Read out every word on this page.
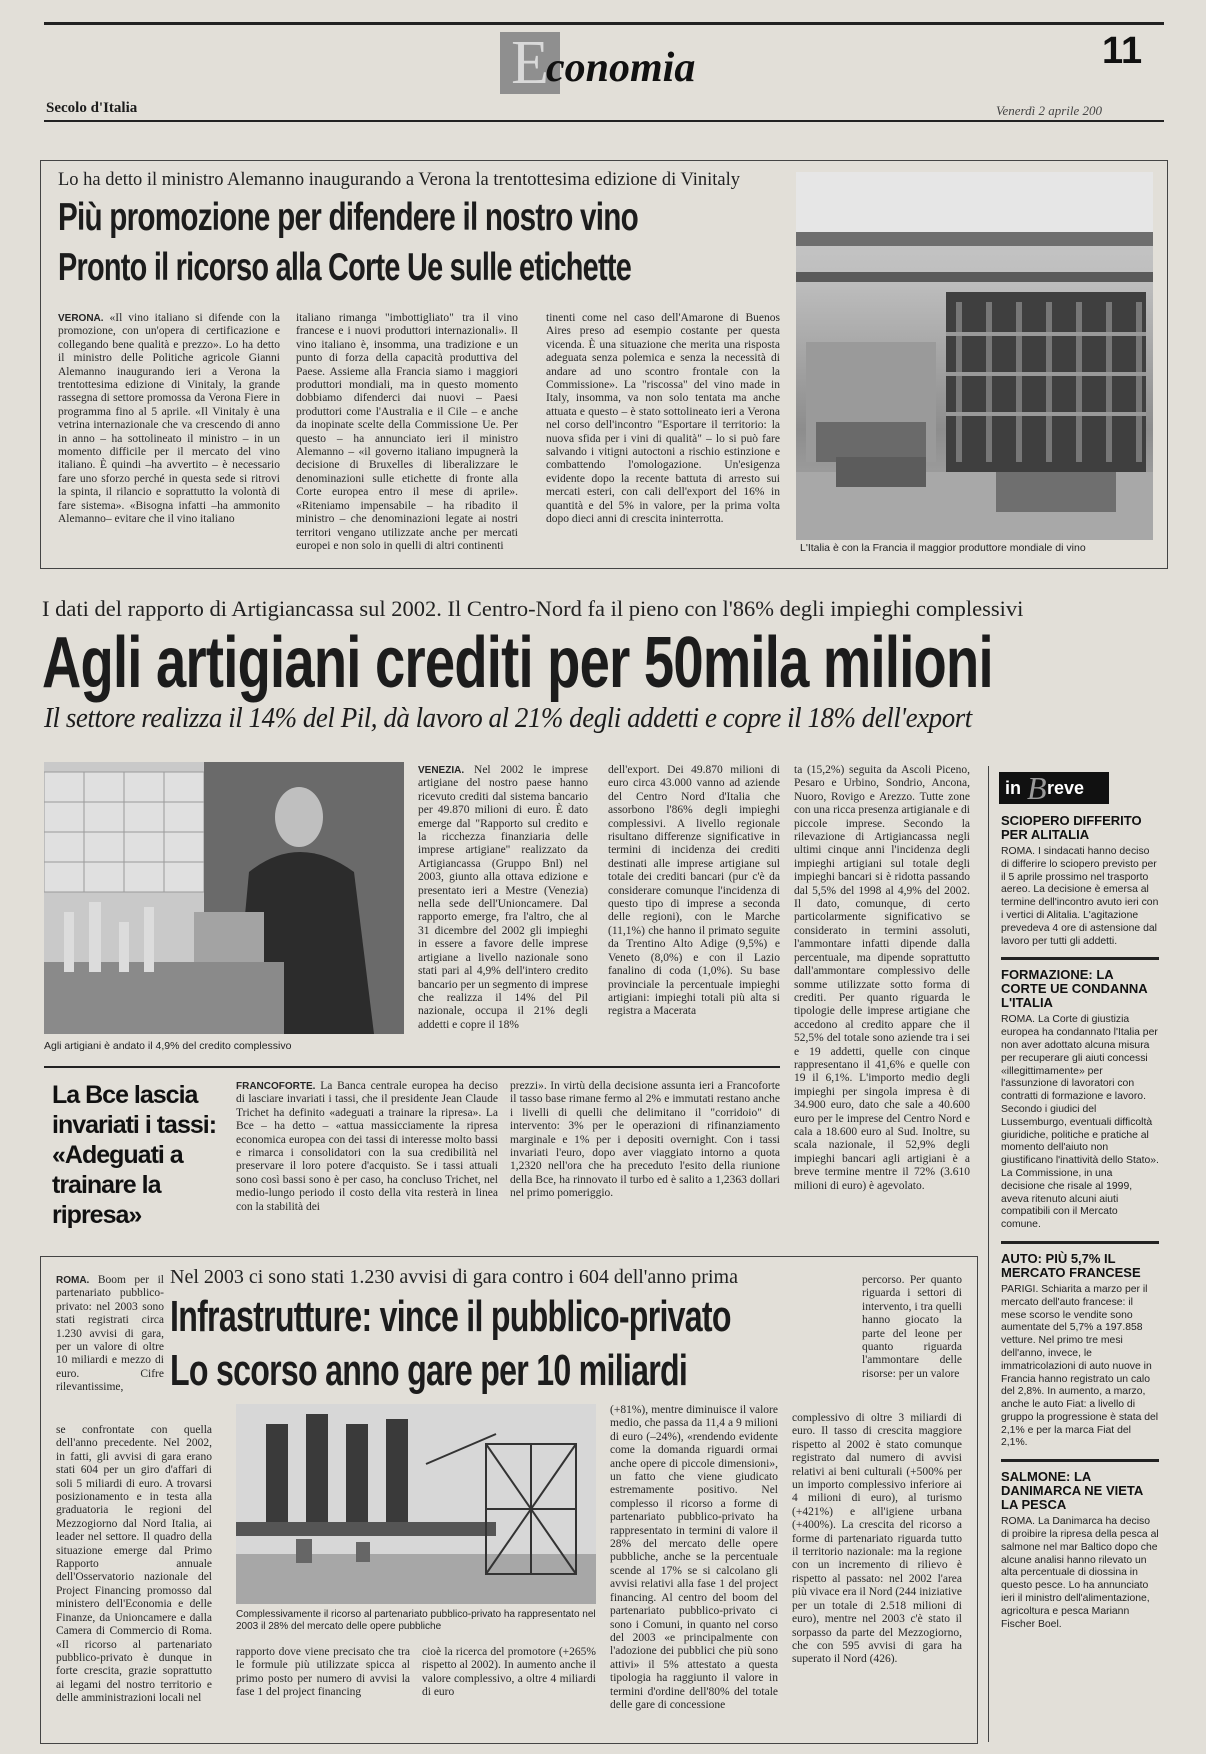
E
conomia	11
Secolo d'Italia	Venerdì 2 aprile 200
Lo ha detto il ministro Alemanno inaugurando a Verona la trentottesima edizione di Vinitaly
Più promozione per difendere il nostro vino
Pronto il ricorso alla Corte Ue sulle etichette

VERONA. «Il vino italiano si difende con la promozione, con un'opera di certificazione e collegando bene qualità e prezzo». Lo ha detto il ministro delle Politiche agricole Gianni Alemanno inaugurando ieri a Verona la trentottesima edizione di Vinitaly, la grande rassegna di settore promossa da Verona Fiere in programma fino al 5 aprile. «Il Vinitaly è una vetrina internazionale che va crescendo di anno in anno – ha sottolineato il ministro – in un momento difficile per il mercato del vino italiano. È quindi –ha avvertito – è necessario fare uno sforzo perché in questa sede si ritrovi la spinta, il rilancio e soprattutto la volontà di fare sistema». «Bisogna infatti –ha ammonito Alemanno– evitare che il vino italiano

italiano rimanga "imbottigliato" tra il vino francese e i nuovi produttori internazionali». Il vino italiano è, insomma, una tradizione e un punto di forza della capacità produttiva del Paese. Assieme alla Francia siamo i maggiori produttori mondiali, ma in questo momento dobbiamo difenderci dai nuovi – Paesi produttori come l'Australia e il Cile – e anche da inopinate scelte della Commissione Ue. Per questo – ha annunciato ieri il ministro Alemanno – «il governo italiano impugnerà la decisione di Bruxelles di liberalizzare le denominazioni sulle etichette di fronte alla Corte europea entro il mese di aprile». «Riteniamo impensabile – ha ribadito il ministro – che denominazioni legate ai nostri territori vengano utilizzate anche per mercati europei e non solo in quelli di altri continenti

tinenti come nel caso dell'Amarone di Buenos Aires preso ad esempio costante per questa vicenda. È una situazione che merita una risposta adeguata senza polemica e senza la necessità di andare ad uno scontro frontale con la Commissione». La "riscossa" del vino made in Italy, insomma, va non solo tentata ma anche attuata e questo – è stato sottolineato ieri a Verona nel corso dell'incontro "Esportare il territorio: la nuova sfida per i vini di qualità" – lo si può fare salvando i vitigni autoctoni a rischio estinzione e combattendo l'omologazione. Un'esigenza evidente dopo la recente battuta di arresto sui mercati esteri, con cali dell'export del 16% in quantità e del 5% in valore, per la prima volta dopo dieci anni di crescita ininterrotta.

L'Italia è con la Francia il maggior produttore mondiale di vino
I dati del rapporto di Artigiancassa sul 2002. Il Centro-Nord fa il pieno con l'86% degli impieghi complessivi
Agli artigiani crediti per 50mila milioni
Il settore realizza il 14% del Pil, dà lavoro al 21% degli addetti e copre il 18% dell'export
Agli artigiani è andato il 4,9% del credito complessivo

VENEZIA. Nel 2002 le imprese artigiane del nostro paese hanno ricevuto crediti dal sistema bancario per 49.870 milioni di euro. È dato emerge dal "Rapporto sul credito e la ricchezza finanziaria delle imprese artigiane" realizzato da Artigiancassa (Gruppo Bnl) nel 2003, giunto alla ottava edizione e presentato ieri a Mestre (Venezia) nella sede dell'Unioncamere. Dal rapporto emerge, fra l'altro, che al 31 dicembre del 2002 gli impieghi in essere a favore delle imprese artigiane a livello nazionale sono stati pari al 4,9% dell'intero credito bancario per un segmento di imprese che realizza il 14% del Pil nazionale, occupa il 21% degli addetti e copre il 18%

dell'export. Dei 49.870 milioni di euro circa 43.000 vanno ad aziende del Centro Nord d'Italia che assorbono l'86% degli impieghi complessivi. A livello regionale risultano differenze significative in termini di incidenza dei crediti destinati alle imprese artigiane sul totale dei crediti bancari (pur c'è da considerare comunque l'incidenza di questo tipo di imprese a seconda delle regioni), con le Marche (11,1%) che hanno il primato seguite da Trentino Alto Adige (9,5%) e Veneto (8,0%) e con il Lazio fanalino di coda (1,0%). Su base provinciale la percentuale impieghi artigiani: impieghi totali più alta si registra a Macerata

ta (15,2%) seguita da Ascoli Piceno, Pesaro e Urbino, Sondrio, Ancona, Nuoro, Rovigo e Arezzo. Tutte zone con una ricca presenza artigianale e di piccole imprese. Secondo la rilevazione di Artigiancassa negli ultimi cinque anni l'incidenza degli impieghi artigiani sul totale degli impieghi bancari si è ridotta passando dal 5,5% del 1998 al 4,9% del 2002. Il dato, comunque, di certo particolarmente significativo se considerato in termini assoluti, l'ammontare infatti dipende dalla percentuale, ma dipende soprattutto dall'ammontare complessivo delle somme utilizzate sotto forma di crediti. Per quanto riguarda le tipologie delle imprese artigiane che accedono al credito appare che il 52,5% del totale sono aziende tra i sei e 19 addetti, quelle con cinque rappresentano il 41,6% e quelle con 19 il 6,1%. L'importo medio degli impieghi per singola impresa è di 34.900 euro, dato che sale a 40.600 euro per le imprese del Centro Nord e cala a 18.600 euro al Sud. Inoltre, su scala nazionale, il 52,9% degli impieghi bancari agli artigiani è a breve termine mentre il 72% (3.610 milioni di euro) è agevolato.

La Bce lascia invariati i tassi: «Adeguati a trainare la ripresa»

FRANCOFORTE. La Banca centrale europea ha deciso di lasciare invariati i tassi, che il presidente Jean Claude Trichet ha definito «adeguati a trainare la ripresa». La Bce – ha detto – «attua massicciamente la ripresa economica europea con dei tassi di interesse molto bassi e rimarca i consolidatori con la sua credibilità nel preservare il loro potere d'acquisto. Se i tassi attuali sono così bassi sono è per caso, ha concluso Trichet, nel medio-lungo periodo il costo della vita resterà in linea con la stabilità dei

prezzi». In virtù della decisione assunta ieri a Francoforte il tasso base rimane fermo al 2% e immutati restano anche i livelli di quelli che delimitano il "corridoio" di intervento: 3% per le operazioni di rifinanziamento marginale e 1% per i depositi overnight. Con i tassi invariati l'euro, dopo aver viaggiato intorno a quota 1,2320 nell'ora che ha preceduto l'esito della riunione della Bce, ha rinnovato il turbo ed è salito a 1,2363 dollari nel primo pomeriggio.

ROMA. Boom per il partenariato pubblico-privato: nel 2003 sono stati registrati circa 1.230 avvisi di gara, per un valore di oltre 10 miliardi e mezzo di euro. Cifre rilevantissime,

se confrontate con quella dell'anno precedente. Nel 2002, in fatti, gli avvisi di gara erano stati 604 per un giro d'affari di soli 5 miliardi di euro. A trovarsi posizionamento e in testa alla graduatoria le regioni del Mezzogiorno dal Nord Italia, ai leader nel settore. Il quadro della situazione emerge dal Primo Rapporto annuale dell'Osservatorio nazionale del Project Financing promosso dal ministero dell'Economia e delle Finanze, da Unioncamere e dalla Camera di Commercio di Roma. «Il ricorso al partenariato pubblico-privato è dunque in forte crescita, grazie soprattutto ai legami del nostro territorio e delle amministrazioni locali nel

Nel 2003 ci sono stati 1.230 avvisi di gara contro i 604 dell'anno prima
Infrastrutture: vince il pubblico-privato
Lo scorso anno gare per 10 miliardi
Complessivamente il ricorso al partenariato pubblico-privato ha rappresentato nel 2003 il 28% del mercato delle opere pubbliche

rapporto dove viene precisato che tra le formule più utilizzate spicca al primo posto per numero di avvisi la fase 1 del project financing

cioè la ricerca del promotore (+265% rispetto al 2002). In aumento anche il valore complessivo, a oltre 4 miliardi di euro

(+81%), mentre diminuisce il valore medio, che passa da 11,4 a 9 milioni di euro (–24%), «rendendo evidente come la domanda riguardi ormai anche opere di piccole dimensioni», un fatto che viene giudicato estremamente positivo. Nel complesso il ricorso a forme di partenariato pubblico-privato ha rappresentato in termini di valore il 28% del mercato delle opere pubbliche, anche se la percentuale scende al 17% se si calcolano gli avvisi relativi alla fase 1 del project financing. Al centro del boom del partenariato pubblico-privato ci sono i Comuni, in quanto nel corso del 2003 «e principalmente con l'adozione dei pubblici che più sono attivi» il 5% attestato a questa tipologia ha raggiunto il valore in termini d'ordine dell'80% del totale delle gare di concessione

percorso. Per quanto riguarda i settori di intervento, i tra quelli hanno giocato la parte del leone per quanto riguarda l'ammontare delle risorse: per un valore

complessivo di oltre 3 miliardi di euro. Il tasso di crescita maggiore rispetto al 2002 è stato comunque registrato dal numero di avvisi relativi ai beni culturali (+500% per un importo complessivo inferiore ai 4 milioni di euro), al turismo (+421%) e all'igiene urbana (+400%). La crescita del ricorso a forme di partenariato riguarda tutto il territorio nazionale: ma la regione con un incremento di rilievo è rispetto al passato: nel 2002 l'area più vivace era il Nord (244 iniziative per un totale di 2.518 milioni di euro), mentre nel 2003 c'è stato il sorpasso da parte del Mezzogiorno, che con 595 avvisi di gara ha superato il Nord (426).

in B reve
SCIOPERO DIFFERITO PER ALITALIA

ROMA. I sindacati hanno deciso di differire lo sciopero previsto per il 5 aprile prossimo nel trasporto aereo. La decisione è emersa al termine dell'incontro avuto ieri con i vertici di Alitalia. L'agitazione prevedeva 4 ore di astensione dal lavoro per tutti gli addetti.

FORMAZIONE: LA CORTE UE CONDANNA L'ITALIA

ROMA. La Corte di giustizia europea ha condannato l'Italia per non aver adottato alcuna misura per recuperare gli aiuti concessi «illegittimamente» per l'assunzione di lavoratori con contratti di formazione e lavoro. Secondo i giudici del Lussemburgo, eventuali difficoltà giuridiche, politiche e pratiche al momento dell'aiuto non giustificano l'inattività dello Stato». La Commissione, in una decisione che risale al 1999, aveva ritenuto alcuni aiuti compatibili con il Mercato comune.

AUTO: PIÙ 5,7% IL MERCATO FRANCESE

PARIGI. Schiarita a marzo per il mercato dell'auto francese: il mese scorso le vendite sono aumentate del 5,7% a 197.858 vetture. Nel primo tre mesi dell'anno, invece, le immatricolazioni di auto nuove in Francia hanno registrato un calo del 2,8%. In aumento, a marzo, anche le auto Fiat: a livello di gruppo la progressione è stata del 2,1% e per la marca Fiat del 2,1%.

SALMONE: LA DANIMARCA NE VIETA LA PESCA

ROMA. La Danimarca ha deciso di proibire la ripresa della pesca al salmone nel mar Baltico dopo che alcune analisi hanno rilevato un alta percentuale di diossina in questo pesce. Lo ha annunciato ieri il ministro dell'alimentazione, agricoltura e pesca Mariann Fischer Boel.
